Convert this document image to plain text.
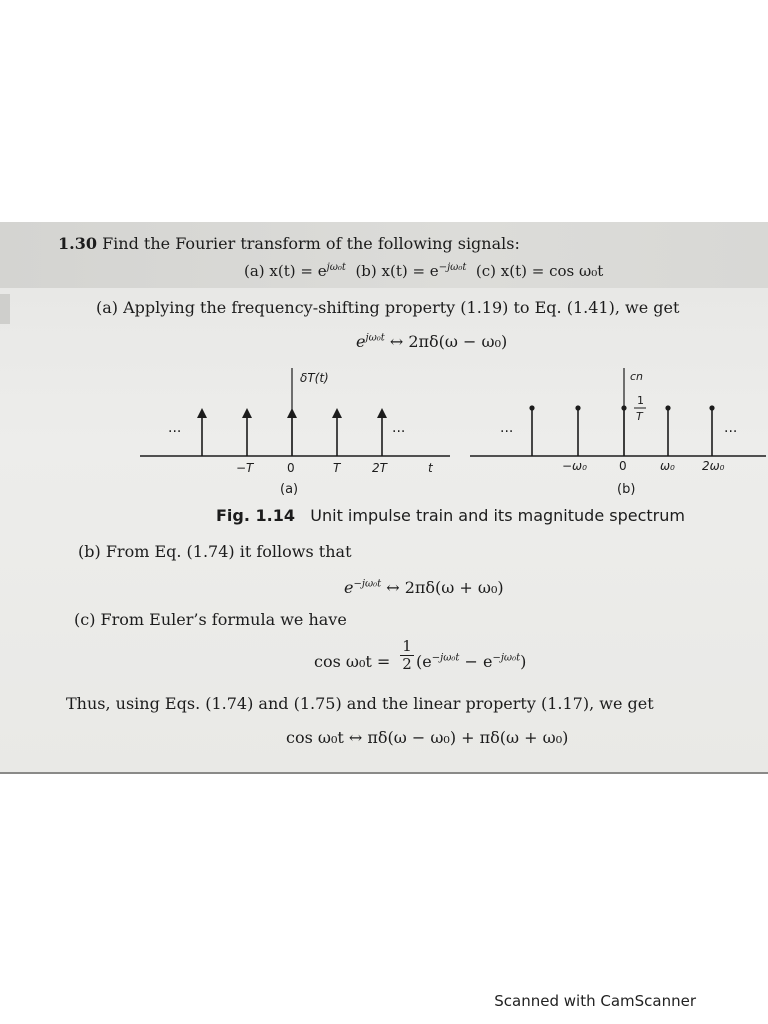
1.30 Find the Fourier transform of the following signals:
(a) $x(t) = e^{j\omega_0t}$ (b) $x(t) = e^{-j\omega_0t}$ (c) x(t) = cos ω₀t
(a) Applying the frequency-shifting property (1.19) to Eq. (1.41), we get
$e^{j\omega_0t}$ ↔ 2πδ(ω − ω₀)
···	···
δT(t)
−T	0	T	2T	t
···	···
cn
1
T
−ω₀	0	ω₀ 2ω₀
(a)	(b)
Fig. 1.14 Unit impulse train and its magnitude spectrum
(b) From Eq. (1.74) it follows that
$e^{-j\omega_0t}$ ↔ 2πδ(ω + ω₀)
(c) From Euler’s formula we have
$\cos \omega_0t = \frac{1}{2} (e^{-j\omega_0t} - e^{-j\omega_0t})$
Thus, using Eqs. (1.74) and (1.75) and the linear property (1.17), we get
cos ω₀t ↔ πδ(ω − ω₀) + πδ(ω + ω₀)
Scanned with CamScanner
